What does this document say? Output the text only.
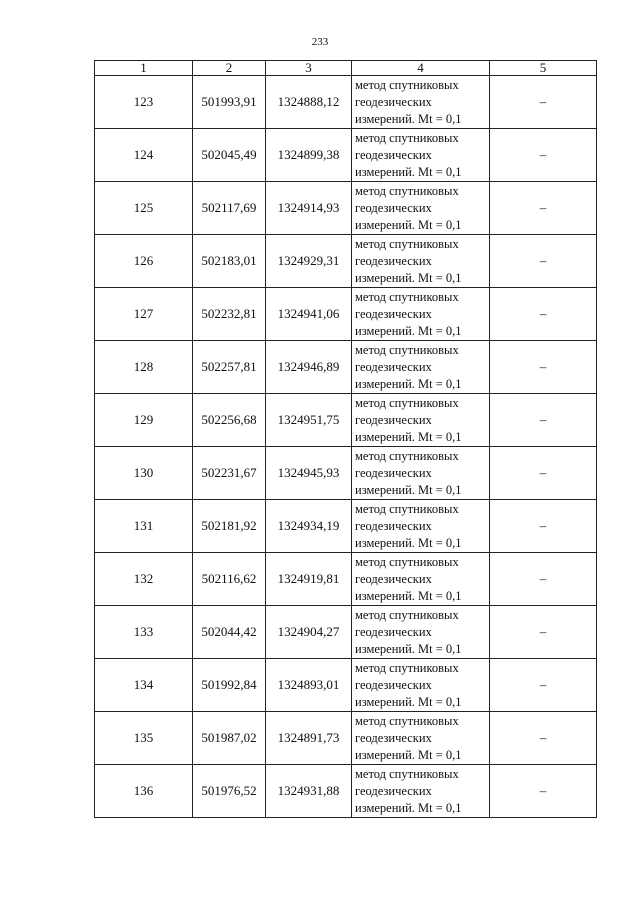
233
1	2	3	4	5
123	501993,91	1324888,12	метод спутниковых
геодезических
измерений. Mt = 0,1	–
124	502045,49	1324899,38	метод спутниковых
геодезических
измерений. Mt = 0,1	–
125	502117,69	1324914,93	метод спутниковых
геодезических
измерений. Mt = 0,1	–
126	502183,01	1324929,31	метод спутниковых
геодезических
измерений. Mt = 0,1	–
127	502232,81	1324941,06	метод спутниковых
геодезических
измерений. Mt = 0,1	–
128	502257,81	1324946,89	метод спутниковых
геодезических
измерений. Mt = 0,1	–
129	502256,68	1324951,75	метод спутниковых
геодезических
измерений. Mt = 0,1	–
130	502231,67	1324945,93	метод спутниковых
геодезических
измерений. Mt = 0,1	–
131	502181,92	1324934,19	метод спутниковых
геодезических
измерений. Mt = 0,1	–
132	502116,62	1324919,81	метод спутниковых
геодезических
измерений. Mt = 0,1	–
133	502044,42	1324904,27	метод спутниковых
геодезических
измерений. Mt = 0,1	–
134	501992,84	1324893,01	метод спутниковых
геодезических
измерений. Mt = 0,1	–
135	501987,02	1324891,73	метод спутниковых
геодезических
измерений. Mt = 0,1	–
136	501976,52	1324931,88	метод спутниковых
геодезических
измерений. Mt = 0,1	–
